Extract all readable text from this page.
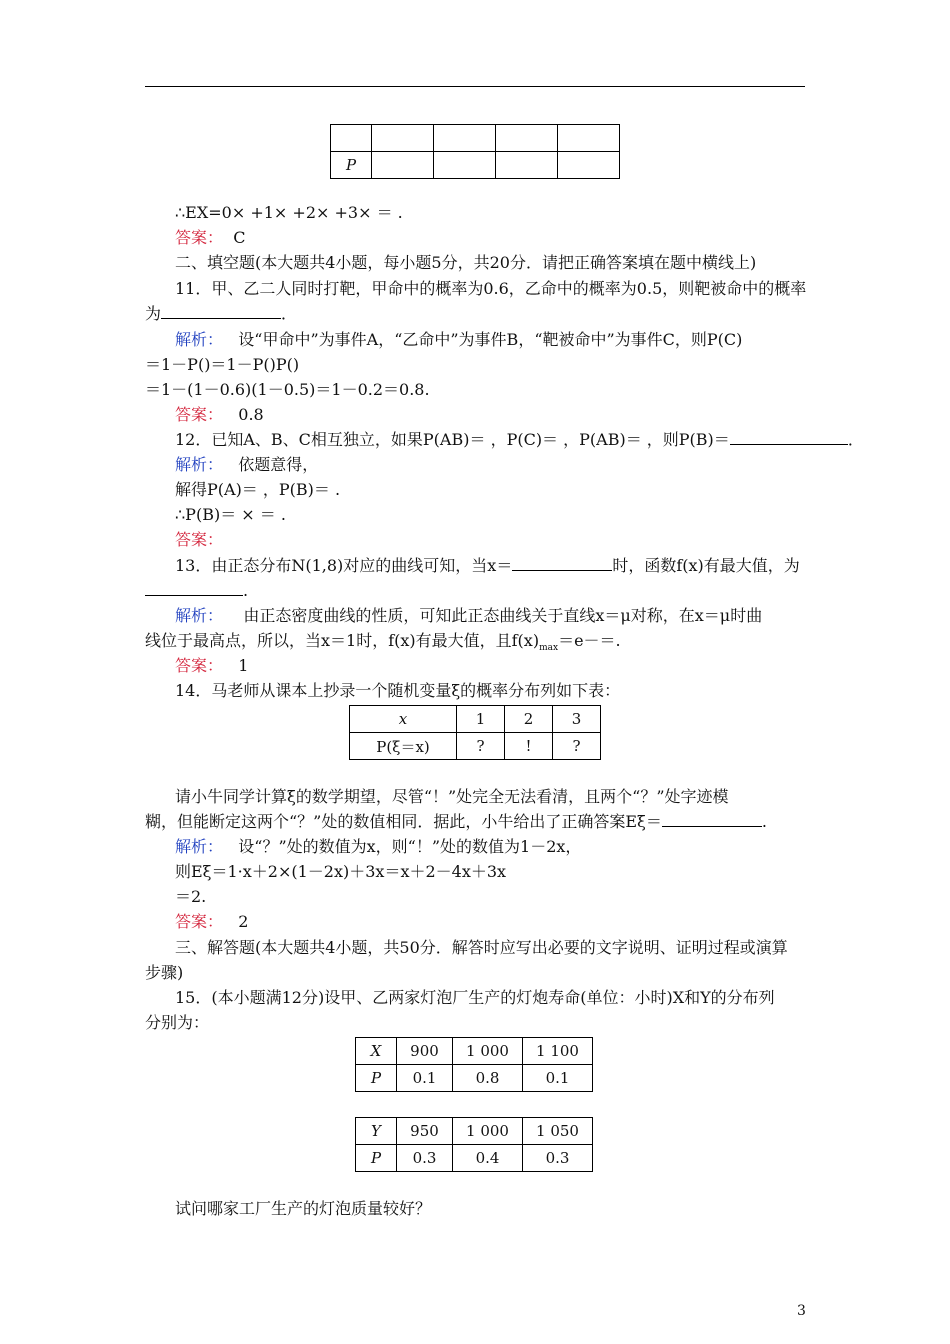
P				
∴EX=0× +1× +2× +3× ＝ .
答案： C
二、填空题(本大题共4小题，每小题5分，共20分．请把正确答案填在题中横线上)
11．甲、乙二人同时打靶，甲命中的概率为0.6，乙命中的概率为0.5，则靶被命中的概率
为	．
解析： 设“甲命中”为事件A，“乙命中”为事件B，“靶被命中”为事件C，则P(C)
＝1－P()＝1－P()P()
＝1－(1－0.6)(1－0.5)＝1－0.2＝0.8.
答案： 0.8
12．已知A、B、C相互独立，如果P(AB)＝ ，P(C)＝ ，P(AB)＝ ，则P(B)＝	．
解析： 依题意得，
解得P(A)＝ ，P(B)＝ .
∴P(B)＝ × ＝ .
答案：
13．由正态分布N(1,8)对应的曲线可知，当x＝	时，函数f(x)有最大值，为
.
解析： 由正态密度曲线的性质，可知此正态曲线关于直线x＝μ对称，在x＝μ时曲
线位于最高点，所以，当x＝1时，f(x)有最大值，且$f(x)_{max}=e-=$.
答案： 1
14．马老师从课本上抄录一个随机变量ξ的概率分布列如下表：
x	1	2	3
P(ξ＝x)	?	!	?
请小牛同学计算ξ的数学期望，尽管“！”处完全无法看清，且两个“？”处字迹模
糊，但能断定这两个“？”处的数值相同．据此，小牛给出了正确答案Eξ＝	.
解析： 设“？”处的数值为x，则“！”处的数值为1－2x，
则Eξ＝1·x＋2×(1－2x)＋3x＝x＋2－4x＋3x
＝2.
答案： 2
三、解答题(本大题共4小题，共50分．解答时应写出必要的文字说明、证明过程或演算
步骤)
15．(本小题满12分)设甲、乙两家灯泡厂生产的灯炮寿命(单位：小时)X和Y的分布列
分别为：
X	900	1 000	1 100
P	0.1	0.8	0.1
Y	950	1 000	1 050
P	0.3	0.4	0.3
试问哪家工厂生产的灯泡质量较好？
3
